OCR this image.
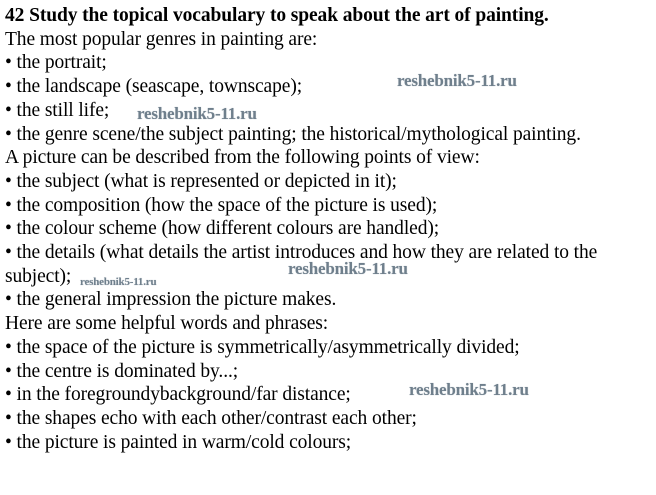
42 Study the topical vocabulary to speak about the art of painting.
The most popular genres in painting are:
• the portrait;
• the landscape (seascape, townscape);
• the still life;
• the genre scene/the subject painting; the historical/mythological painting.
A picture can be described from the following points of view:
• the subject (what is represented or depicted in it);
• the composition (how the space of the picture is used);
• the colour scheme (how different colours are handled);
• the details (what details the artist introduces and how they are related to the subject);
• the general impression the picture makes.
Here are some helpful words and phrases:
• the space of the picture is symmetrically/asymmetrically divided;
• the centre is dominated by...;
• in the foregroundybackground/far distance;
• the shapes echo with each other/contrast each other;
• the picture is painted in warm/cold colours;
reshebnik5-11.ru
reshebnik5-11.ru
reshebnik5-11.ru
reshebnik5-11.ru
reshebnik5-11.ru
